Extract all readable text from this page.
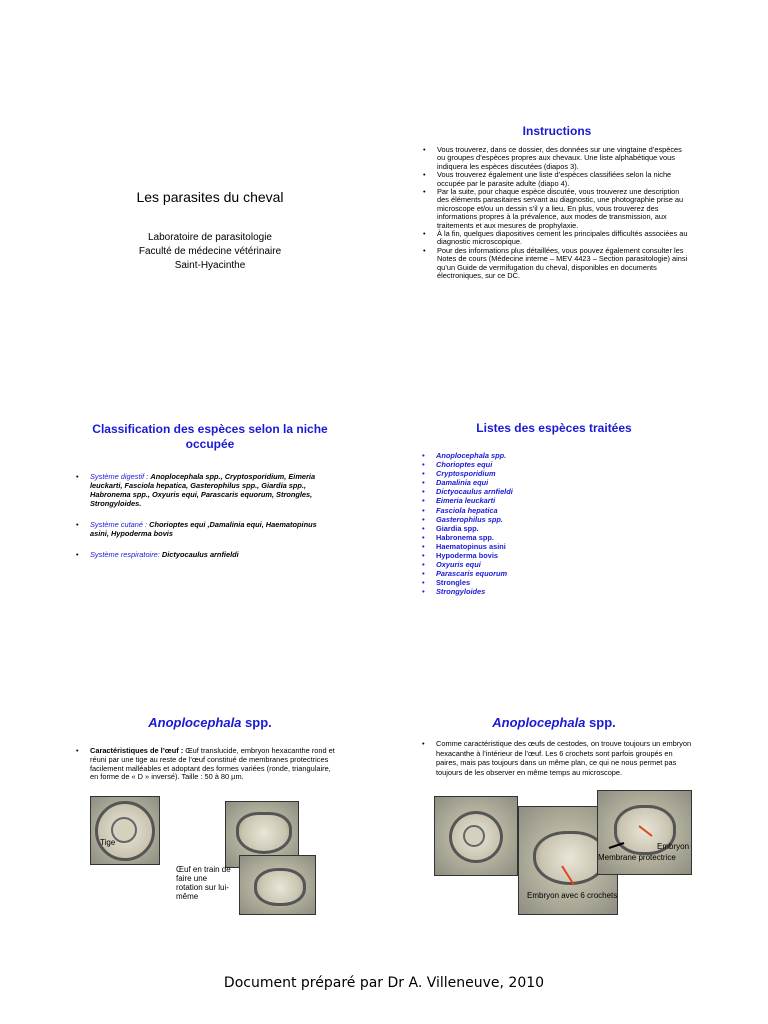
Les parasites du cheval
Laboratoire de parasitologie
Faculté de médecine vétérinaire
Saint-Hyacinthe
Instructions
• Vous trouverez, dans ce dossier, des données sur une vingtaine d’espèces ou groupes d’espèces propres aux chevaux. Une liste alphabétique vous indiquera les espèces discutées (diapos 3).
• Vous trouverez également une liste d’espèces classifiées selon la niche occupée par le parasite adulte (diapo 4).
• Par la suite, pour chaque espèce discutée, vous trouverez une description des éléments parasitaires servant au diagnostic, une photographie prise au microscope et/ou un dessin s’il y a lieu. En plus, vous trouverez des informations propres à la prévalence, aux modes de transmission, aux traitements et aux mesures de prophylaxie.
• À la fin, quelques diapositives cement les principales difficultés associées au diagnostic microscopique.
• Pour des informations plus détaillées, vous pouvez également consulter les Notes de cours (Médecine interne – MEV 4423 – Section parasitologie) ainsi qu’un Guide de vermifugation du cheval, disponibles en documents électroniques, sur ce DC.
Classification des espèces selon la niche occupée
• Système digestif : Anoplocephala spp., Cryptosporidium, Eimeria leuckarti, Fasciola hepatica, Gasterophilus spp., Giardia spp., Habronema spp., Oxyuris equi, Parascaris equorum, Strongles, Strongyloides.
• Système cutané : Chorioptes equi ,Damalinia equi, Haematopinus asini, Hypoderma bovis
• Système respiratoire: Dictyocaulus arnfieldi
Listes des espèces traitées
• Anoplocephala spp.
• Chorioptes equi
• Cryptosporidium
• Damalinia equi
• Dictyocaulus arnfieldi
• Eimeria leuckarti
• Fasciola hepatica
• Gasterophilus spp.
• Giardia spp.
• Habronema spp.
• Haematopinus asini
• Hypoderma bovis
• Oxyuris equi
• Parascaris equorum
• Strongles
• Strongyloides
Anoplocephala spp.
• Caractéristiques de l’œuf : Œuf translucide, embryon hexacanthe rond et réuni par une tige au reste de l’œuf constitué de membranes protectrices facilement malléables et adoptant des formes variées (ronde, triangulaire, en forme de « D » inversé). Taille : 50 à 80 µm.
Tige
Œuf en train de faire une rotation sur lui-même
Anoplocephala spp.
• Comme caractéristique des œufs de cestodes, on trouve toujours un embryon hexacanthe à l’intérieur de l’œuf. Les 6 crochets sont parfois groupés en paires, mais pas toujours dans un même plan, ce qui ne nous permet pas toujours de les observer en même temps au microscope.
Embryon avec 6 crochets
Embryon
Membrane protectrice
Document préparé par Dr A. Villeneuve, 2010
